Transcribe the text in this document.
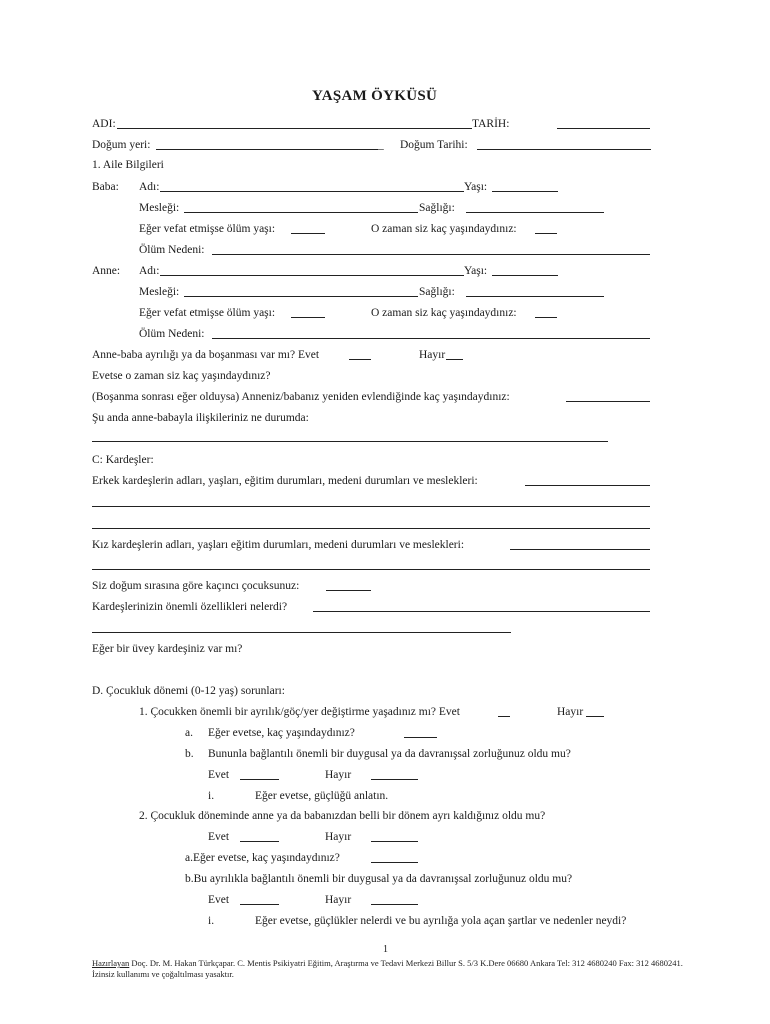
YAŞAM ÖYKÜSÜ
ADI:	TARİH:
Doğum yeri:	_ Doğum Tarihi:
1. Aile Bilgileri
Baba: Adı:	Yaşı:
Mesleği:	Sağlığı:
Eğer vefat etmişse ölüm yaşı:	O zaman siz kaç yaşındaydınız:
Ölüm Nedeni:
Anne: Adı:	Yaşı:
Mesleği:	Sağlığı:
Eğer vefat etmişse ölüm yaşı:	O zaman siz kaç yaşındaydınız:
Ölüm Nedeni:
Anne-baba ayrılığı ya da boşanması var mı? Evet	Hayır
Evetse o zaman siz kaç yaşındaydınız?
(Boşanma sonrası eğer olduysa) Anneniz/babanız yeniden evlendiğinde kaç yaşındaydınız:
Şu anda anne-babayla ilişkileriniz ne durumda:
C: Kardeşler:
Erkek kardeşlerin adları, yaşları, eğitim durumları, medeni durumları ve meslekleri:
Kız kardeşlerin adları, yaşları eğitim durumları, medeni durumları ve meslekleri:
Siz doğum sırasına göre kaçıncı çocuksunuz:
Kardeşlerinizin önemli özellikleri nelerdi?
Eğer bir üvey kardeşiniz var mı?
D. Çocukluk dönemi (0-12 yaş) sorunları:
1. Çocukken önemli bir ayrılık/göç/yer değiştirme yaşadınız mı? Evet	Hayır
a. Eğer evetse, kaç yaşındaydınız?
b. Bununla bağlantılı önemli bir duygusal ya da davranışsal zorluğunuz oldu mu?
Evet	Hayır
i.	Eğer evetse, güçlüğü anlatın.
2. Çocukluk döneminde anne ya da babanızdan belli bir dönem ayrı kaldığınız oldu mu?
Evet	Hayır
a.Eğer evetse, kaç yaşındaydınız?
b.Bu ayrılıkla bağlantılı önemli bir duygusal ya da davranışsal zorluğunuz oldu mu?
Evet	Hayır
i.	Eğer evetse, güçlükler nelerdi ve bu ayrılığa yola açan şartlar ve nedenler neydi?
1
Hazırlayan Doç. Dr. M. Hakan Türkçapar. C. Mentis Psikiyatri Eğitim, Araştırma ve Tedavi Merkezi Billur S. 5/3 K.Dere 06680 Ankara Tel: 312 4680240 Fax: 312 4680241. İzinsiz kullanımı ve çoğaltılması yasaktır.
